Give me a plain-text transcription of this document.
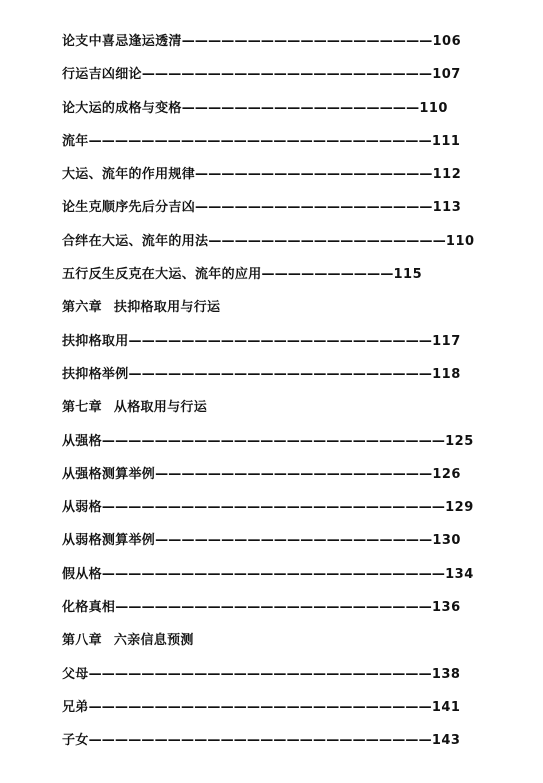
论支中喜忌逢运透清———————————————————106
行运吉凶细论——————————————————————107
论大运的成格与变格——————————————————110
流年——————————————————————————111
大运、流年的作用规律——————————————————112
论生克顺序先后分吉凶——————————————————113
合绊在大运、流年的用法——————————————————110
五行反生反克在大运、流年的应用——————————115
第六章 扶抑格取用与行运
扶抑格取用———————————————————————117
扶抑格举例———————————————————————118
第七章 从格取用与行运
从强格——————————————————————————125
从强格测算举例—————————————————————126
从弱格——————————————————————————129
从弱格测算举例—————————————————————130
假从格——————————————————————————134
化格真相————————————————————————136
第八章 六亲信息预测
父母——————————————————————————138
兄弟——————————————————————————141
子女——————————————————————————143
